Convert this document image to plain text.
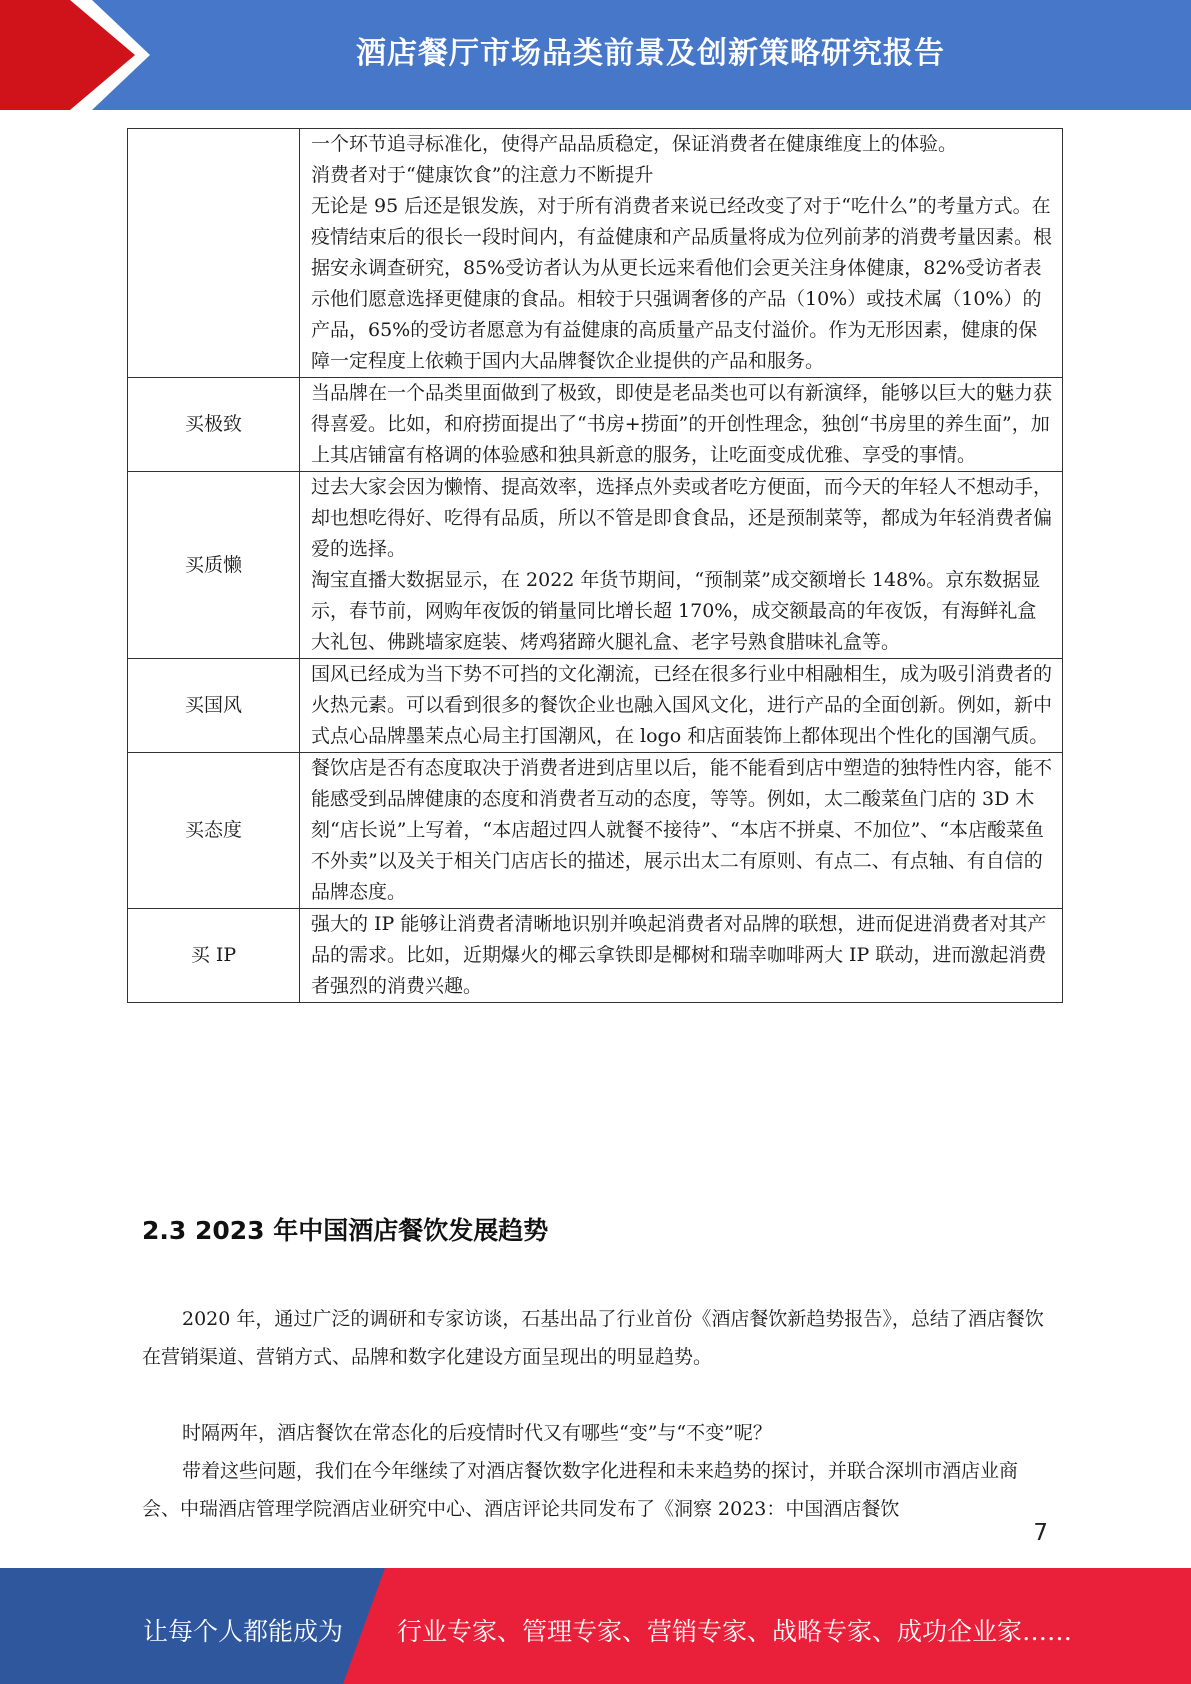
酒店餐厅市场品类前景及创新策略研究报告

	一个环节追寻标准化，使得产品品质稳定，保证消费者在健康维度上的体验。

消费者对于“健康饮食”的注意力不断提升

无论是 95 后还是银发族，对于所有消费者来说已经改变了对于“吃什么”的考量方式。在疫情结束后的很长一段时间内，有益健康和产品质量将成为位列前茅的消费考量因素。根据安永调查研究，85%受访者认为从更长远来看他们会更关注身体健康，82%受访者表示他们愿意选择更健康的食品。相较于只强调奢侈的产品（10%）或技术属（10%）的产品，65%的受访者愿意为有益健康的高质量产品支付溢价。作为无形因素，健康的保障一定程度上依赖于国内大品牌餐饮企业提供的产品和服务。

买极致	当品牌在一个品类里面做到了极致，即使是老品类也可以有新演绎，能够以巨大的魅力获得喜爱。比如，和府捞面提出了“书房+捞面”的开创性理念，独创“书房里的养生面”，加上其店铺富有格调的体验感和独具新意的服务，让吃面变成优雅、享受的事情。

买质懒	过去大家会因为懒惰、提高效率，选择点外卖或者吃方便面，而今天的年轻人不想动手，却也想吃得好、吃得有品质，所以不管是即食食品，还是预制菜等，都成为年轻消费者偏爱的选择。

淘宝直播大数据显示，在 2022 年货节期间，“预制菜”成交额增长 148%。京东数据显示，春节前，网购年夜饭的销量同比增长超 170%，成交额最高的年夜饭，有海鲜礼盒大礼包、佛跳墙家庭装、烤鸡猪蹄火腿礼盒、老字号熟食腊味礼盒等。

买国风	国风已经成为当下势不可挡的文化潮流，已经在很多行业中相融相生，成为吸引消费者的火热元素。可以看到很多的餐饮企业也融入国风文化，进行产品的全面创新。例如，新中式点心品牌墨茉点心局主打国潮风，在 logo 和店面装饰上都体现出个性化的国潮气质。

买态度	餐饮店是否有态度取决于消费者进到店里以后，能不能看到店中塑造的独特性内容，能不能感受到品牌健康的态度和消费者互动的态度，等等。例如，太二酸菜鱼门店的 3D 木刻“店长说”上写着，“本店超过四人就餐不接待”、“本店不拼桌、不加位”、“本店酸菜鱼不外卖”以及关于相关门店店长的描述，展示出太二有原则、有点二、有点轴、有自信的品牌态度。

买 IP	强大的 IP 能够让消费者清晰地识别并唤起消费者对品牌的联想，进而促进消费者对其产品的需求。比如，近期爆火的椰云拿铁即是椰树和瑞幸咖啡两大 IP 联动，进而激起消费者强烈的消费兴趣。

2.3 2023 年中国酒店餐饮发展趋势

2020 年，通过广泛的调研和专家访谈，石基出品了行业首份《酒店餐饮新趋势报告》，总结了酒店餐饮在营销渠道、营销方式、品牌和数字化建设方面呈现出的明显趋势。

时隔两年，酒店餐饮在常态化的后疫情时代又有哪些“变”与“不变”呢？

带着这些问题，我们在今年继续了对酒店餐饮数字化进程和未来趋势的探讨，并联合深圳市酒店业商会、中瑞酒店管理学院酒店业研究中心、酒店评论共同发布了《洞察 2023：中国酒店餐饮

7
让每个人都能成为 行业专家、管理专家、营销专家、战略专家、成功企业家……
